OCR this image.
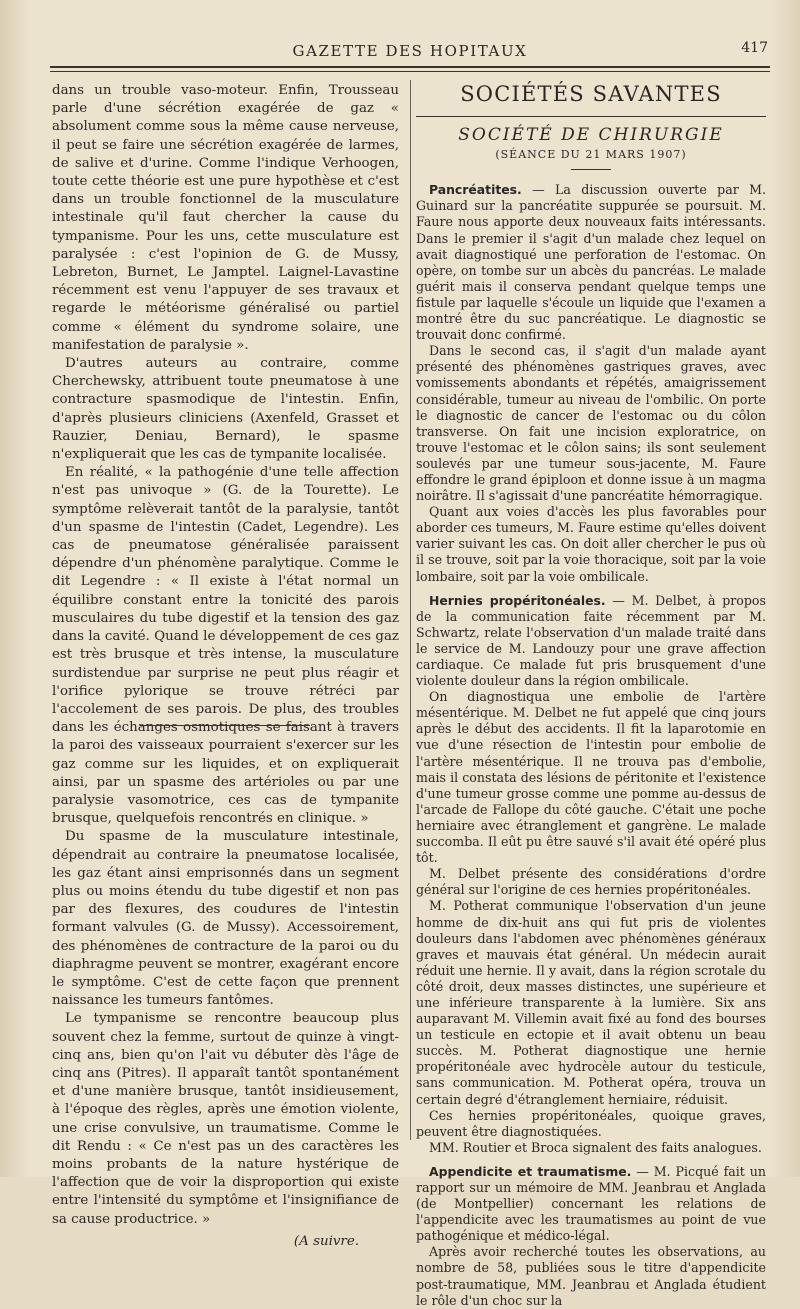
GAZETTE DES HOPITAUX	417

dans un trouble vaso-moteur. Enfin, Trousseau parle d'une sécrétion exagérée de gaz « absolument comme sous la même cause nerveuse, il peut se faire une sécrétion exagérée de larmes, de salive et d'urine. Comme l'indique Verhoogen, toute cette théorie est une pure hypothèse et c'est dans un trouble fonctionnel de la musculature intestinale qu'il faut chercher la cause du tympanisme. Pour les uns, cette musculature est paralysée : c'est l'opinion de G. de Mussy, Lebreton, Burnet, Le Jamptel. Laignel-Lavastine récemment est venu l'appuyer de ses travaux et regarde le météorisme généralisé ou partiel comme « élément du syndrome solaire, une manifestation de paralysie ».

D'autres auteurs au contraire, comme Cherchewsky, attribuent toute pneumatose à une contracture spasmodique de l'intestin. Enfin, d'après plusieurs cliniciens (Axenfeld, Grasset et Rauzier, Deniau, Bernard), le spasme n'expliquerait que les cas de tympanite localisée.

En réalité, « la pathogénie d'une telle affection n'est pas univoque » (G. de la Tourette). Le symptôme relèverait tantôt de la paralysie, tantôt d'un spasme de l'intestin (Cadet, Legendre). Les cas de pneumatose généralisée paraissent dépendre d'un phénomène paralytique. Comme le dit Legendre : « Il existe à l'état normal un équilibre constant entre la tonicité des parois musculaires du tube digestif et la tension des gaz dans la cavité. Quand le développement de ces gaz est très brusque et très intense, la musculature surdistendue par surprise ne peut plus réagir et l'orifice pylorique se trouve rétréci par l'accolement de ses parois. De plus, des troubles dans les échanges osmotiques se faisant à travers la paroi des vaisseaux pourraient s'exercer sur les gaz comme sur les liquides, et on expliquerait ainsi, par un spasme des artérioles ou par une paralysie vasomotrice, ces cas de tympanite brusque, quelquefois rencontrés en clinique. »

Du spasme de la musculature intestinale, dépendrait au contraire la pneumatose localisée, les gaz étant ainsi emprisonnés dans un segment plus ou moins étendu du tube digestif et non pas par des flexures, des coudures de l'intestin formant valvules (G. de Mussy). Accessoirement, des phénomènes de contracture de la paroi ou du diaphragme peuvent se montrer, exagérant encore le symptôme. C'est de cette façon que prennent naissance les tumeurs fantômes.

Le tympanisme se rencontre beaucoup plus souvent chez la femme, surtout de quinze à vingt-cinq ans, bien qu'on l'ait vu débuter dès l'âge de cinq ans (Pitres). Il apparaît tantôt spontanément et d'une manière brusque, tantôt insidieusement, à l'époque des règles, après une émotion violente, une crise convulsive, un traumatisme. Comme le dit Rendu : « Ce n'est pas un des caractères les moins probants de la nature hystérique de l'affection que de voir la disproportion qui existe entre l'intensité du symptôme et l'insignifiance de sa cause productrice. »

(A suivre.
SOCIÉTÉS SAVANTES
SOCIÉTÉ DE CHIRURGIE
(SÉANCE DU 21 MARS 1907)

Pancréatites. — La discussion ouverte par M. Guinard sur la pancréatite suppurée se poursuit. M. Faure nous apporte deux nouveaux faits intéressants. Dans le premier il s'agit d'un malade chez lequel on avait diagnostiqué une perforation de l'estomac. On opère, on tombe sur un abcès du pancréas. Le malade guérit mais il conserva pendant quelque temps une fistule par laquelle s'écoule un liquide que l'examen a montré être du suc pancréatique. Le diagnostic se trouvait donc confirmé.

Dans le second cas, il s'agit d'un malade ayant présenté des phénomènes gastriques graves, avec vomissements abondants et répétés, amaigrissement considérable, tumeur au niveau de l'ombilic. On porte le diagnostic de cancer de l'estomac ou du côlon transverse. On fait une incision exploratrice, on trouve l'estomac et le côlon sains; ils sont seulement soulevés par une tumeur sous-jacente, M. Faure effondre le grand épiploon et donne issue à un magma noirâtre. Il s'agissait d'une pancréatite hémorragique.

Quant aux voies d'accès les plus favorables pour aborder ces tumeurs, M. Faure estime qu'elles doivent varier suivant les cas. On doit aller chercher le pus où il se trouve, soit par la voie thoracique, soit par la voie lombaire, soit par la voie ombilicale.

Hernies propéritonéales. — M. Delbet, à propos de la communication faite récemment par M. Schwartz, relate l'observation d'un malade traité dans le service de M. Landouzy pour une grave affection cardiaque. Ce malade fut pris brusquement d'une violente douleur dans la région ombilicale.

On diagnostiqua une embolie de l'artère mésentérique. M. Delbet ne fut appelé que cinq jours après le début des accidents. Il fit la laparotomie en vue d'une résection de l'intestin pour embolie de l'artère mésentérique. Il ne trouva pas d'embolie, mais il constata des lésions de péritonite et l'existence d'une tumeur grosse comme une pomme au-dessus de l'arcade de Fallope du côté gauche. C'était une poche herniaire avec étranglement et gangrène. Le malade succomba. Il eût pu être sauvé s'il avait été opéré plus tôt.

M. Delbet présente des considérations d'ordre général sur l'origine de ces hernies propéritonéales.

M. Potherat communique l'observation d'un jeune homme de dix-huit ans qui fut pris de violentes douleurs dans l'abdomen avec phénomènes généraux graves et mauvais état général. Un médecin aurait réduit une hernie. Il y avait, dans la région scrotale du côté droit, deux masses distinctes, une supérieure et une inférieure transparente à la lumière. Six ans auparavant M. Villemin avait fixé au fond des bourses un testicule en ectopie et il avait obtenu un beau succès. M. Potherat diagnostique une hernie propéritonéale avec hydrocèle autour du testicule, sans communication. M. Potherat opéra, trouva un certain degré d'étranglement herniaire, réduisit.

Ces hernies propéritonéales, quoique graves, peuvent être diagnostiquées.

MM. Routier et Broca signalent des faits analogues.

Appendicite et traumatisme. — M. Picqué fait un rapport sur un mémoire de MM. Jeanbrau et Anglada (de Montpellier) concernant les relations de l'appendicite avec les traumatismes au point de vue pathogénique et médico-légal.

Après avoir recherché toutes les observations, au nombre de 58, publiées sous le titre d'appendicite post-traumatique, MM. Jeanbrau et Anglada étudient le rôle d'un choc sur la
